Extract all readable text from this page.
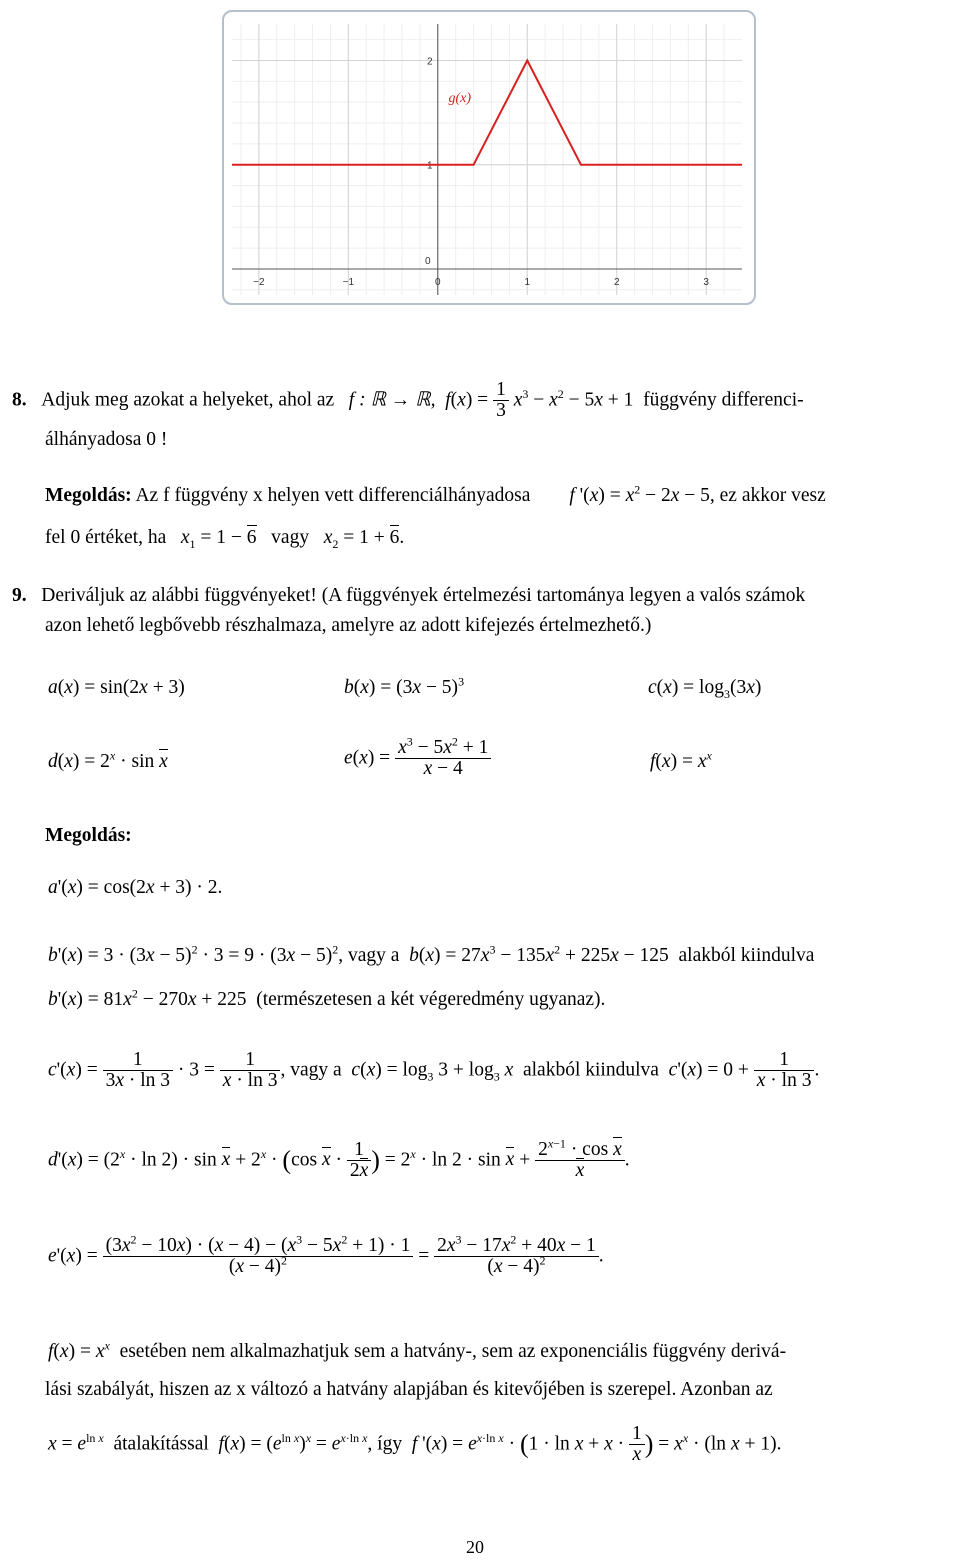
−2	−1	0	1	2	3
0
1
2
g(x)
8. Adjuk meg azokat a helyeket, ahol az f : ℝ → ℝ, $f(x) = \frac{1}{3} x^3 - x^2 - 5x + 1$  függvény differenci-
álhányadosa 0 !
Megoldás: Az f függvény x helyen vett differenciálhányadosa f '$(x) = x^2 - 2x - 5$, ez akkor vesz
fel 0 értéket, ha $x_1 = 1 - 6$ vagy $x_2 = 1 + 6$.
9. Deriváljuk az alábbi függvényeket! (A függvények értelmezési tartománya legyen a valós számok
azon lehető legbővebb részhalmaza, amelyre az adott kifejezés értelmezhető.)
a(x) = sin(2x + 3)	$b(x) = (3x - 5)^3$	$c(x) = \log_3(3x)$
$d(x) = 2^x \cdot \sin x$	$e(x) = \frac{x^3 - 5x^2 + 1}{x - 4}$	$f(x) = x^x$
Megoldás:
a'(x) = cos(2x + 3) · 2.
$b'(x) = 3 \cdot (3x - 5)^2 \cdot 3 = 9 \cdot (3x - 5)^2$, vagy a $b(x) = 27x^3 - 135x^2 + 225x - 125$  alakból kiindulva
$b'(x) = 81x^2 - 270x + 225$  (természetesen a két végeredmény ugyanaz).
$c'(x) = \frac{1}{3x \cdot \ln 3} \cdot 3 = \frac{1}{x \cdot \ln 3}$ , vagy a $c(x) = \log_3 3 + \log_3 x$ alakból kiindulva $c'(x) = 0 + \frac{1}{x \cdot \ln 3}$ .
$d'(x) = (2^x \cdot \ln 2) \cdot \sin x + 2^x \cdot (\cos$ $x \cdot \frac{1}{2x}$ ) = $2^x \cdot \ln 2 \cdot \sin x + \frac{2^{x-1} \cdot \cos x}{x}$ .
$e'(x) = \frac{(3x^2 - 10x) \cdot (x - 4) - (x^3 - 5x^2 + 1) \cdot 1}{(x - 4)^2} = \frac{2x^3 - 17x^2 + 40x - 1}{(x - 4)^2}$ .
$f(x) = x^x$ esetében nem alkalmazhatjuk sem a hatvány-, sem az exponenciális függvény derivá-
lási szabályát, hiszen az x változó a hatvány alapjában és kitevőjében is szerepel. Azonban az
$x = e^{ln x}$ átalakítással $f(x) = (e^{ln x})^x = e^{x\cdot ln x}$, így f '$(x) = e^{x\cdot ln x} \cdot (1 \cdot \ln x + x \cdot \frac{1}{x}$ ) = $x^x \cdot (\ln$ x + 1).
20
